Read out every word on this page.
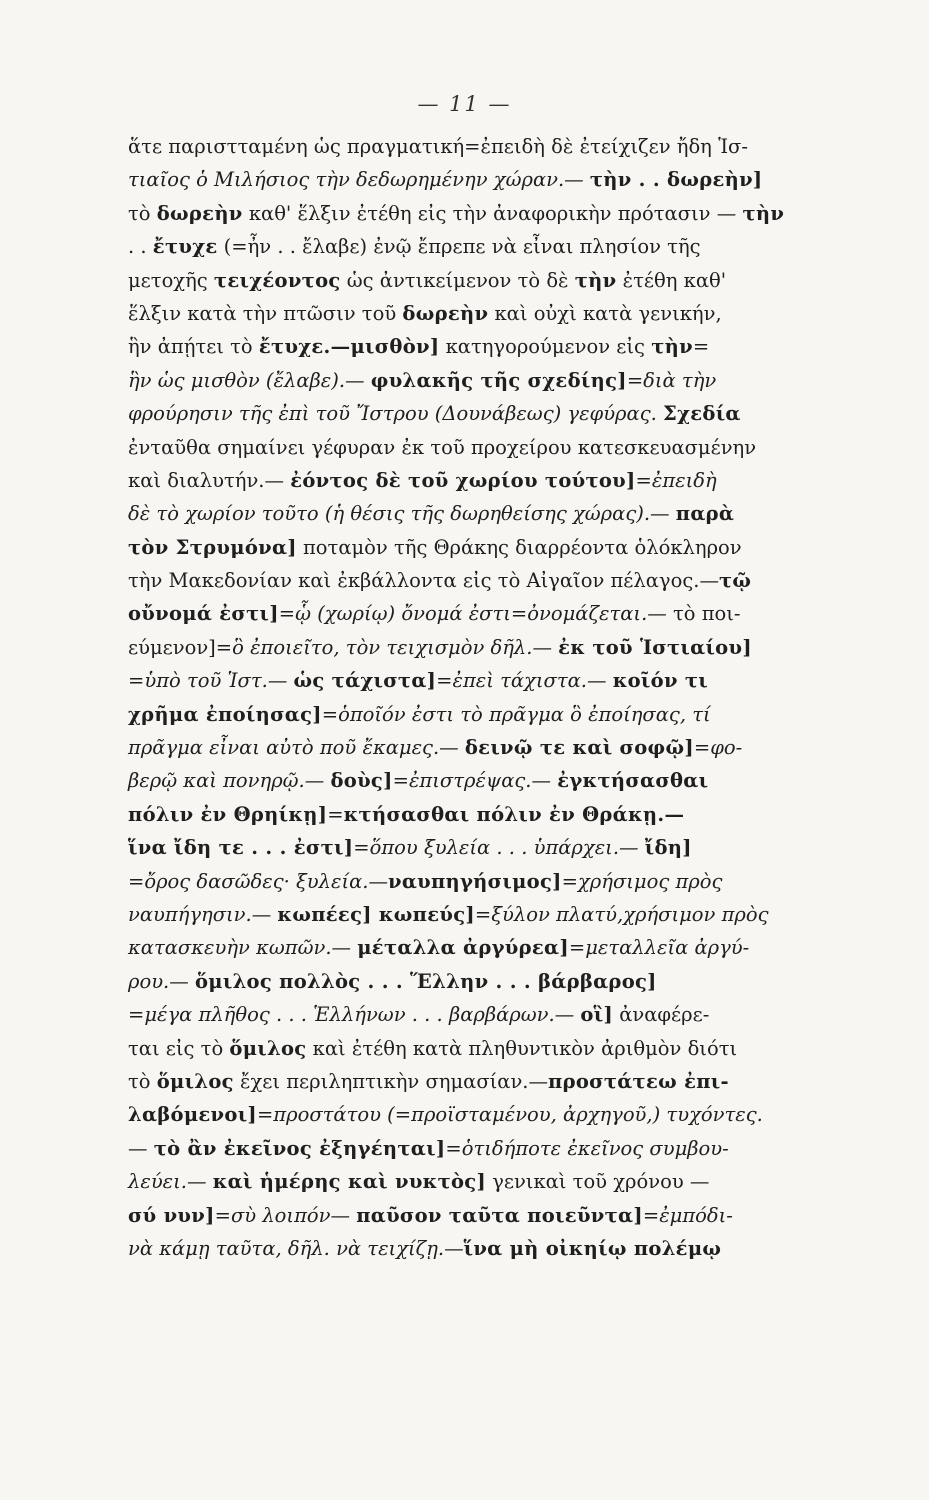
— 11 —
ἅτε παριστταμένη ὡς πραγματική=ἐπειδὴ δὲ ἐτείχιζεν ἤδη Ἱσ-
τιαῖος ὁ Μιλήσιος τὴν δεδωρημένην χώραν.— τὴν . . δωρεὴν]
τὸ δωρεὴν καθ' ἕλξιν ἐτέθη εἰς τὴν ἀναφορικὴν πρότασιν — τὴν
. . ἔτυχε (=ἦν . . ἔλαβε) ἐνῷ ἔπρεπε νὰ εἶναι πλησίον τῆς
μετοχῆς τειχέοντος ὡς ἀντικείμενον τὸ δὲ τὴν ἐτέθη καθ'
ἕλξιν κατὰ τὴν πτῶσιν τοῦ δωρεὴν καὶ οὐχὶ κατὰ γενικήν,
ἣν ἀπῄτει τὸ ἔτυχε.—μισθὸν] κατηγορούμενον εἰς τὴν=
ἣν ὡς μισθὸν (ἔλαβε).— φυλακῆς τῆς σχεδίης]=διὰ τὴν
φρούρησιν τῆς ἐπὶ τοῦ Ἴστρου (Δουνάβεως) γεφύρας. Σχεδία
ἐνταῦθα σημαίνει γέφυραν ἐκ τοῦ προχείρου κατεσκευασμένην
καὶ διαλυτήν.— ἐόντος δὲ τοῦ χωρίου τούτου]=ἐπειδὴ
δὲ τὸ χωρίον τοῦτο (ἡ θέσις τῆς δωρηθείσης χώρας).— παρὰ
τὸν Στρυμόνα] ποταμὸν τῆς Θράκης διαρρέοντα ὁλόκληρον
τὴν Μακεδονίαν καὶ ἐκβάλλοντα εἰς τὸ Αἰγαῖον πέλαγος.—τῷ
οὔνομά ἐστι]=ᾧ (χωρίῳ) ὄνομά ἐστι=ὀνομάζεται.— τὸ ποι-
εύμενον]=ὃ ἐποιεῖτο, τὸν τειχισμὸν δῆλ.— ἐκ τοῦ Ἱστιαίου]
=ὑπὸ τοῦ Ἱστ.— ὡς τάχιστα]=ἐπεὶ τάχιστα.— κοῖόν τι
χρῆμα ἐποίησας]=ὁποῖόν ἐστι τὸ πρᾶγμα ὃ ἐποίησας, τί
πρᾶγμα εἶναι αὐτὸ ποῦ ἔκαμες.— δεινῷ τε καὶ σοφῷ]=φο-
βερῷ καὶ πονηρῷ.— δοὺς]=ἐπιστρέψας.— ἐγκτήσασθαι
πόλιν ἐν Θρηίκῃ]=κτήσασθαι πόλιν ἐν Θράκῃ.—
ἵνα ἴδη τε . . . ἐστι]=ὅπου ξυλεία . . . ὑπάρχει.— ἴδη]
=ὄρος δασῶδες· ξυλεία.—ναυπηγήσιμος]=χρήσιμος πρὸς
ναυπήγησιν.— κωπέες] κωπεύς]=ξύλον πλατύ,χρήσιμον πρὸς
κατασκευὴν κωπῶν.— μέταλλα ἀργύρεα]=μεταλλεῖα ἀργύ-
ρου.— ὅμιλος πολλὸς . . . Ἕλλην . . . βάρβαρος]
=μέγα πλῆθος . . . Ἑλλήνων . . . βαρβάρων.— οἳ] ἀναφέρε-
ται εἰς τὸ ὅμιλος καὶ ἐτέθη κατὰ πληθυντικὸν ἀριθμὸν διότι
τὸ ὅμιλος ἔχει περιληπτικὴν σημασίαν.—προστάτεω ἐπι-
λαβόμενοι]=προστάτου (=προϊσταμένου, ἀρχηγοῦ,) τυχόντες.
— τὸ ἂν ἐκεῖνος ἐξηγέηται]=ὁτιδήποτε ἐκεῖνος συμβου-
λεύει.— καὶ ἡμέρης καὶ νυκτὸς] γενικαὶ τοῦ χρόνου —
σύ νυν]=σὺ λοιπόν— παῦσον ταῦτα ποιεῦντα]=ἐμπόδι-
νὰ κάμῃ ταῦτα, δῆλ. νὰ τειχίζῃ.—ἵνα μὴ οἰκηίῳ πολέμῳ
